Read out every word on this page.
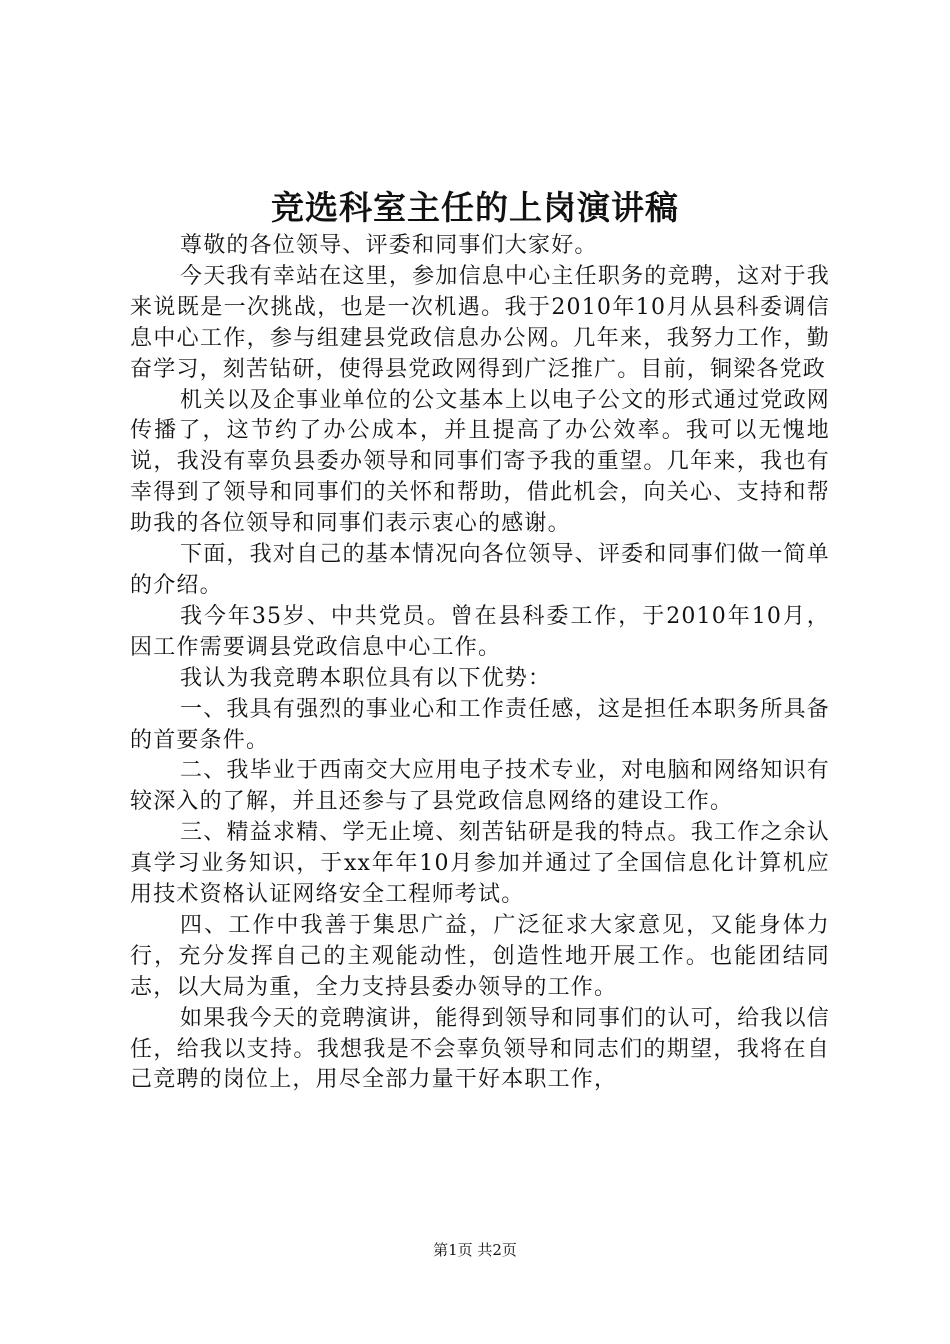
竞选科室主任的上岗演讲稿

尊敬的各位领导、评委和同事们大家好。

今天我有幸站在这里，参加信息中心主任职务的竞聘，这对于我来说既是一次挑战，也是一次机遇。我于2010年10月从县科委调信息中心工作，参与组建县党政信息办公网。几年来，我努力工作，勤奋学习，刻苦钻研，使得县党政网得到广泛推广。目前，铜梁各党政

机关以及企事业单位的公文基本上以电子公文的形式通过党政网传播了，这节约了办公成本，并且提高了办公效率。我可以无愧地说，我没有辜负县委办领导和同事们寄予我的重望。几年来，我也有幸得到了领导和同事们的关怀和帮助，借此机会，向关心、支持和帮助我的各位领导和同事们表示衷心的感谢。

下面，我对自己的基本情况向各位领导、评委和同事们做一简单的介绍。

我今年35岁、中共党员。曾在县科委工作，于2010年10月，因工作需要调县党政信息中心工作。

我认为我竞聘本职位具有以下优势：

一、我具有强烈的事业心和工作责任感，这是担任本职务所具备的首要条件。

二、我毕业于西南交大应用电子技术专业，对电脑和网络知识有较深入的了解，并且还参与了县党政信息网络的建设工作。

三、精益求精、学无止境、刻苦钻研是我的特点。我工作之余认真学习业务知识，于xx年年10月参加并通过了全国信息化计算机应用技术资格认证网络安全工程师考试。

四、工作中我善于集思广益，广泛征求大家意见，又能身体力行，充分发挥自己的主观能动性，创造性地开展工作。也能团结同志，以大局为重，全力支持县委办领导的工作。

如果我今天的竞聘演讲，能得到领导和同事们的认可，给我以信任，给我以支持。我想我是不会辜负领导和同志们的期望，我将在自己竞聘的岗位上，用尽全部力量干好本职工作，

第1页 共2页
